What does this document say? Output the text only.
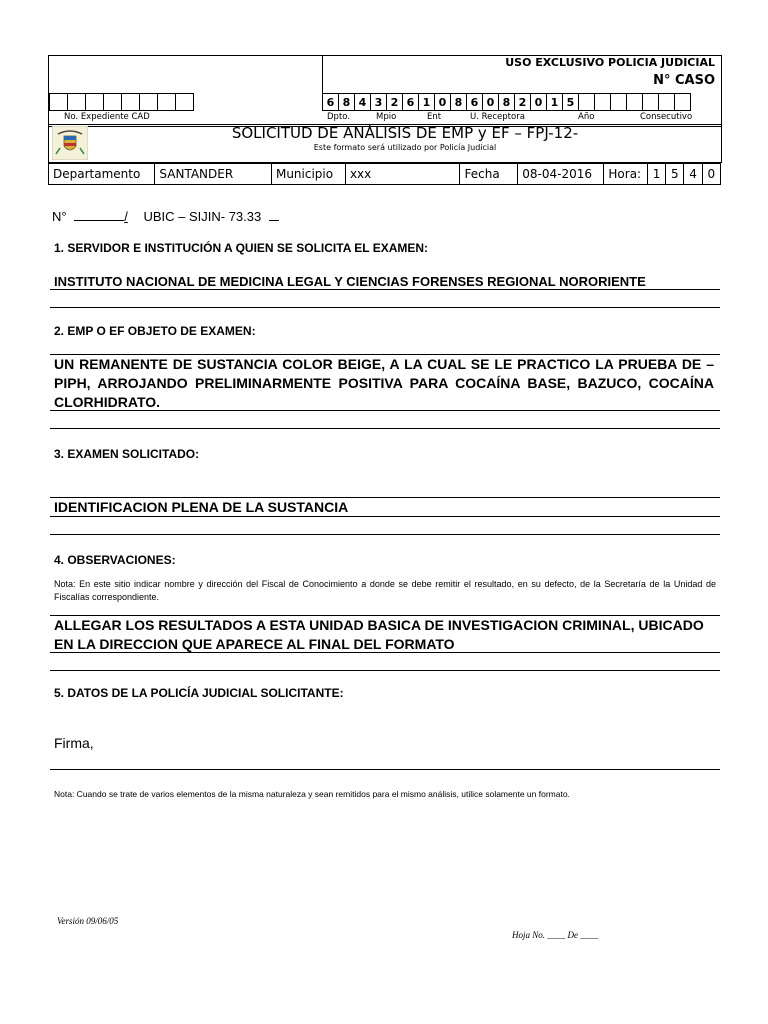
USO EXCLUSIVO POLICIA JUDICIAL
N° CASO

No. Expediente CAD
6	8	4	3	2	6	1	0	8	6	0	8	2	0	1	5							
Dpto.	Mpio	Ent	U. Receptora	Año	Consecutivo
SOLICITUD DE ANÁLISIS DE EMP y EF – FPJ-12-
Este formato será utilizado por Policía Judicial
Departamento	SANTANDER	Municipio	xxx	Fecha	08-04-2016	Hora:	1	5	4	0
N°	/ UBIC – SIJIN- 73.33
1. SERVIDOR E INSTITUCIÓN A QUIEN SE SOLICITA EL EXAMEN:
INSTITUTO NACIONAL DE MEDICINA LEGAL Y CIENCIAS FORENSES REGIONAL NORORIENTE
2. EMP O EF OBJETO DE EXAMEN:
UN REMANENTE DE SUSTANCIA COLOR BEIGE, A LA CUAL SE LE PRACTICO LA PRUEBA DE – PIPH, ARROJANDO PRELIMINARMENTE POSITIVA PARA COCAÍNA BASE, BAZUCO, COCAÍNA CLORHIDRATO.
3. EXAMEN SOLICITADO:
IDENTIFICACION PLENA DE LA SUSTANCIA
4. OBSERVACIONES:
Nota: En este sitio indicar nombre y dirección del Fiscal de Conocimiento a donde se debe remitir el resultado, en su defecto, de la Secretaría de la Unidad de Fiscalías correspondiente.
ALLEGAR LOS RESULTADOS A ESTA UNIDAD BASICA DE INVESTIGACION CRIMINAL, UBICADO EN LA DIRECCION QUE APARECE AL FINAL DEL FORMATO
5. DATOS DE LA POLICÍA JUDICIAL SOLICITANTE:
Firma,
Nota: Cuando se trate de varios elementos de la misma naturaleza y sean remitidos para el mismo análisis, utilice solamente un formato.
Versión 09/06/05
Hoja No. ____ De ____
